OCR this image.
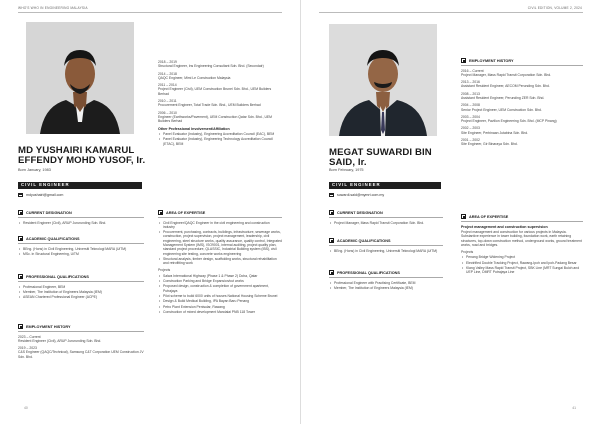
WHO'S WHO IN ENGINEERING MALAYSIA
MD YUSHAIRI KAMARUL EFFENDY MOHD YUSOF, Ir.
Born January, 1983
CIVIL ENGINEER
mdyushairi@gmail.com
CURRENT DESIGNATION
• Resident Engineer (Civil), ARUP Jururunding Sdn. Bhd.
ACADEMIC QUALIFICATIONS
• BEng. (Hons) in Civil Engineering, Universiti Teknologi MARA (UiTM)
• MSc. in Structural Engineering, UiTM
PROFESSIONAL QUALIFICATIONS
• Professional Engineer, BEM
• Member, The Institution of Engineers Malaysia (IEM)
• ASEAN Chartered Professional Engineer (ACPE)
EMPLOYMENT HISTORY
2023 – Current
Resident Engineer (Civil), ARUP Jururunding Sdn. Bhd.
2019 – 2023
C&S Engineer (QAQC/Technical), Samsung C&T Corporation UEM Construction JV Sdn. Bhd.
2018 – 2019
Structural Engineer, Ins Engineering Consultant Sdn. Bhd. (Secondair)
2014 – 2018
QAQC Engineer, Mimi Le Construction Malaysia
2011 – 2014
Project Engineer (Civil), UEM Construction Brunei Sdn. Bhd., UEM Builders Berhad
2010 – 2011
Procurement Engineer, Total Trade Sdn. Bhd., UEM Builders Berhad
2006 – 2010
Engineer (Earthworks/Pavement), UEM Construction Qatar Sdn. Bhd., UEM Builders Berhad
Other Professional Involvement/Affiliation
• Panel Evaluator (Industry), Engineering Accreditation Council (EAC), BEM
• Panel Evaluator (Industry), Engineering Technology Accreditation Council (ETAC), BEM
AREA OF EXPERTISE
• Civil Engineer/QAQC Engineer in the civil engineering and construction industry
• Procurement, purchasing, contracts, buildings, infrastructure, sewerage works, construction, project supervision, project management, leadership, civil engineering, steel structure works, quality assurance, quality control, Integrated Management System (IMS), ISO9001, internal auditing, project quality plan, standard project procedure, QLASSIC, Industrial Building system (IBS), civil engineering site testing, concrete works engineering
• Structural analysis, timber design, scaffolding works, structural rehabilitation and retrofitting work
Projects
• Salwa International Highway (Phase 1 & Phase 2) Doha, Qatar
• Construction Parking and Bridge Expansion/cut works
• Proposed design, construction & completion of government apartment, Putrajaya
• Pilot scheme to build 6000 units of houses National Housing Scheme Brunei
• Design & Build Medical Building, IPA Bayan Baru Penang
• Petro Plant Extension Penisular, Rawang
• Construction of mixed development Mandalai PNB 118 Tower
40
CIVIL EDITION, VOLUME 2, 2024
MEGAT SUWARDI BIN SAID, Ir.
Born February, 1975
CIVIL ENGINEER
suwardi.said@mymrt.com.my
CURRENT DESIGNATION
• Project Manager, Mass Rapid Transit Corporation Sdn. Bhd.
ACADEMIC QUALIFICATIONS
• BEng. (Hons) in Civil Engineering, Universiti Teknologi MARA (UiTM)
PROFESSIONAL QUALIFICATIONS
• Professional Engineer with Practising Certificate, BEM
• Member, The Institution of Engineers Malaysia (IEM)
EMPLOYMENT HISTORY
2016 – Current
Project Manager, Mass Rapid Transit Corporation Sdn. Bhd.
2013 – 2016
Assistant Resident Engineer, AECOM Perunding Sdn. Bhd.
2008 – 2013
Assistant Resident Engineer, Perunding ZER Sdn. Bhd.
2004 – 2008
Senior Project Engineer, UEM Construction Sdn. Bhd.
2003 – 2004
Project Engineer, Pavilion Engineering Sdn. Bhd. (MCP Pinang)
2002 – 2003
Site Engineer, Perbinaan Jutabina Sdn. Bhd.
2001 – 2002
Site Engineer, Gir Binaraya Sdn. Bhd.
AREA OF EXPERTISE
Project management and construction supervision
Project management and construction for various projects in Malaysia. Substantive experience in tower building, foundation work, earth retaining structures, top-down construction method, underground works, ground treatment works, road and bridges.
Projects
• Penang Bridge Widening Project
• Electrified Double Tracking Project, Rawang-Ipoh and Ipoh-Padang Besar
• Klang Valley Mass Rapid Transit Project, SBK Line (MRT Sungai Buloh and UEP Line, DMRT Putrajaya Line
41
